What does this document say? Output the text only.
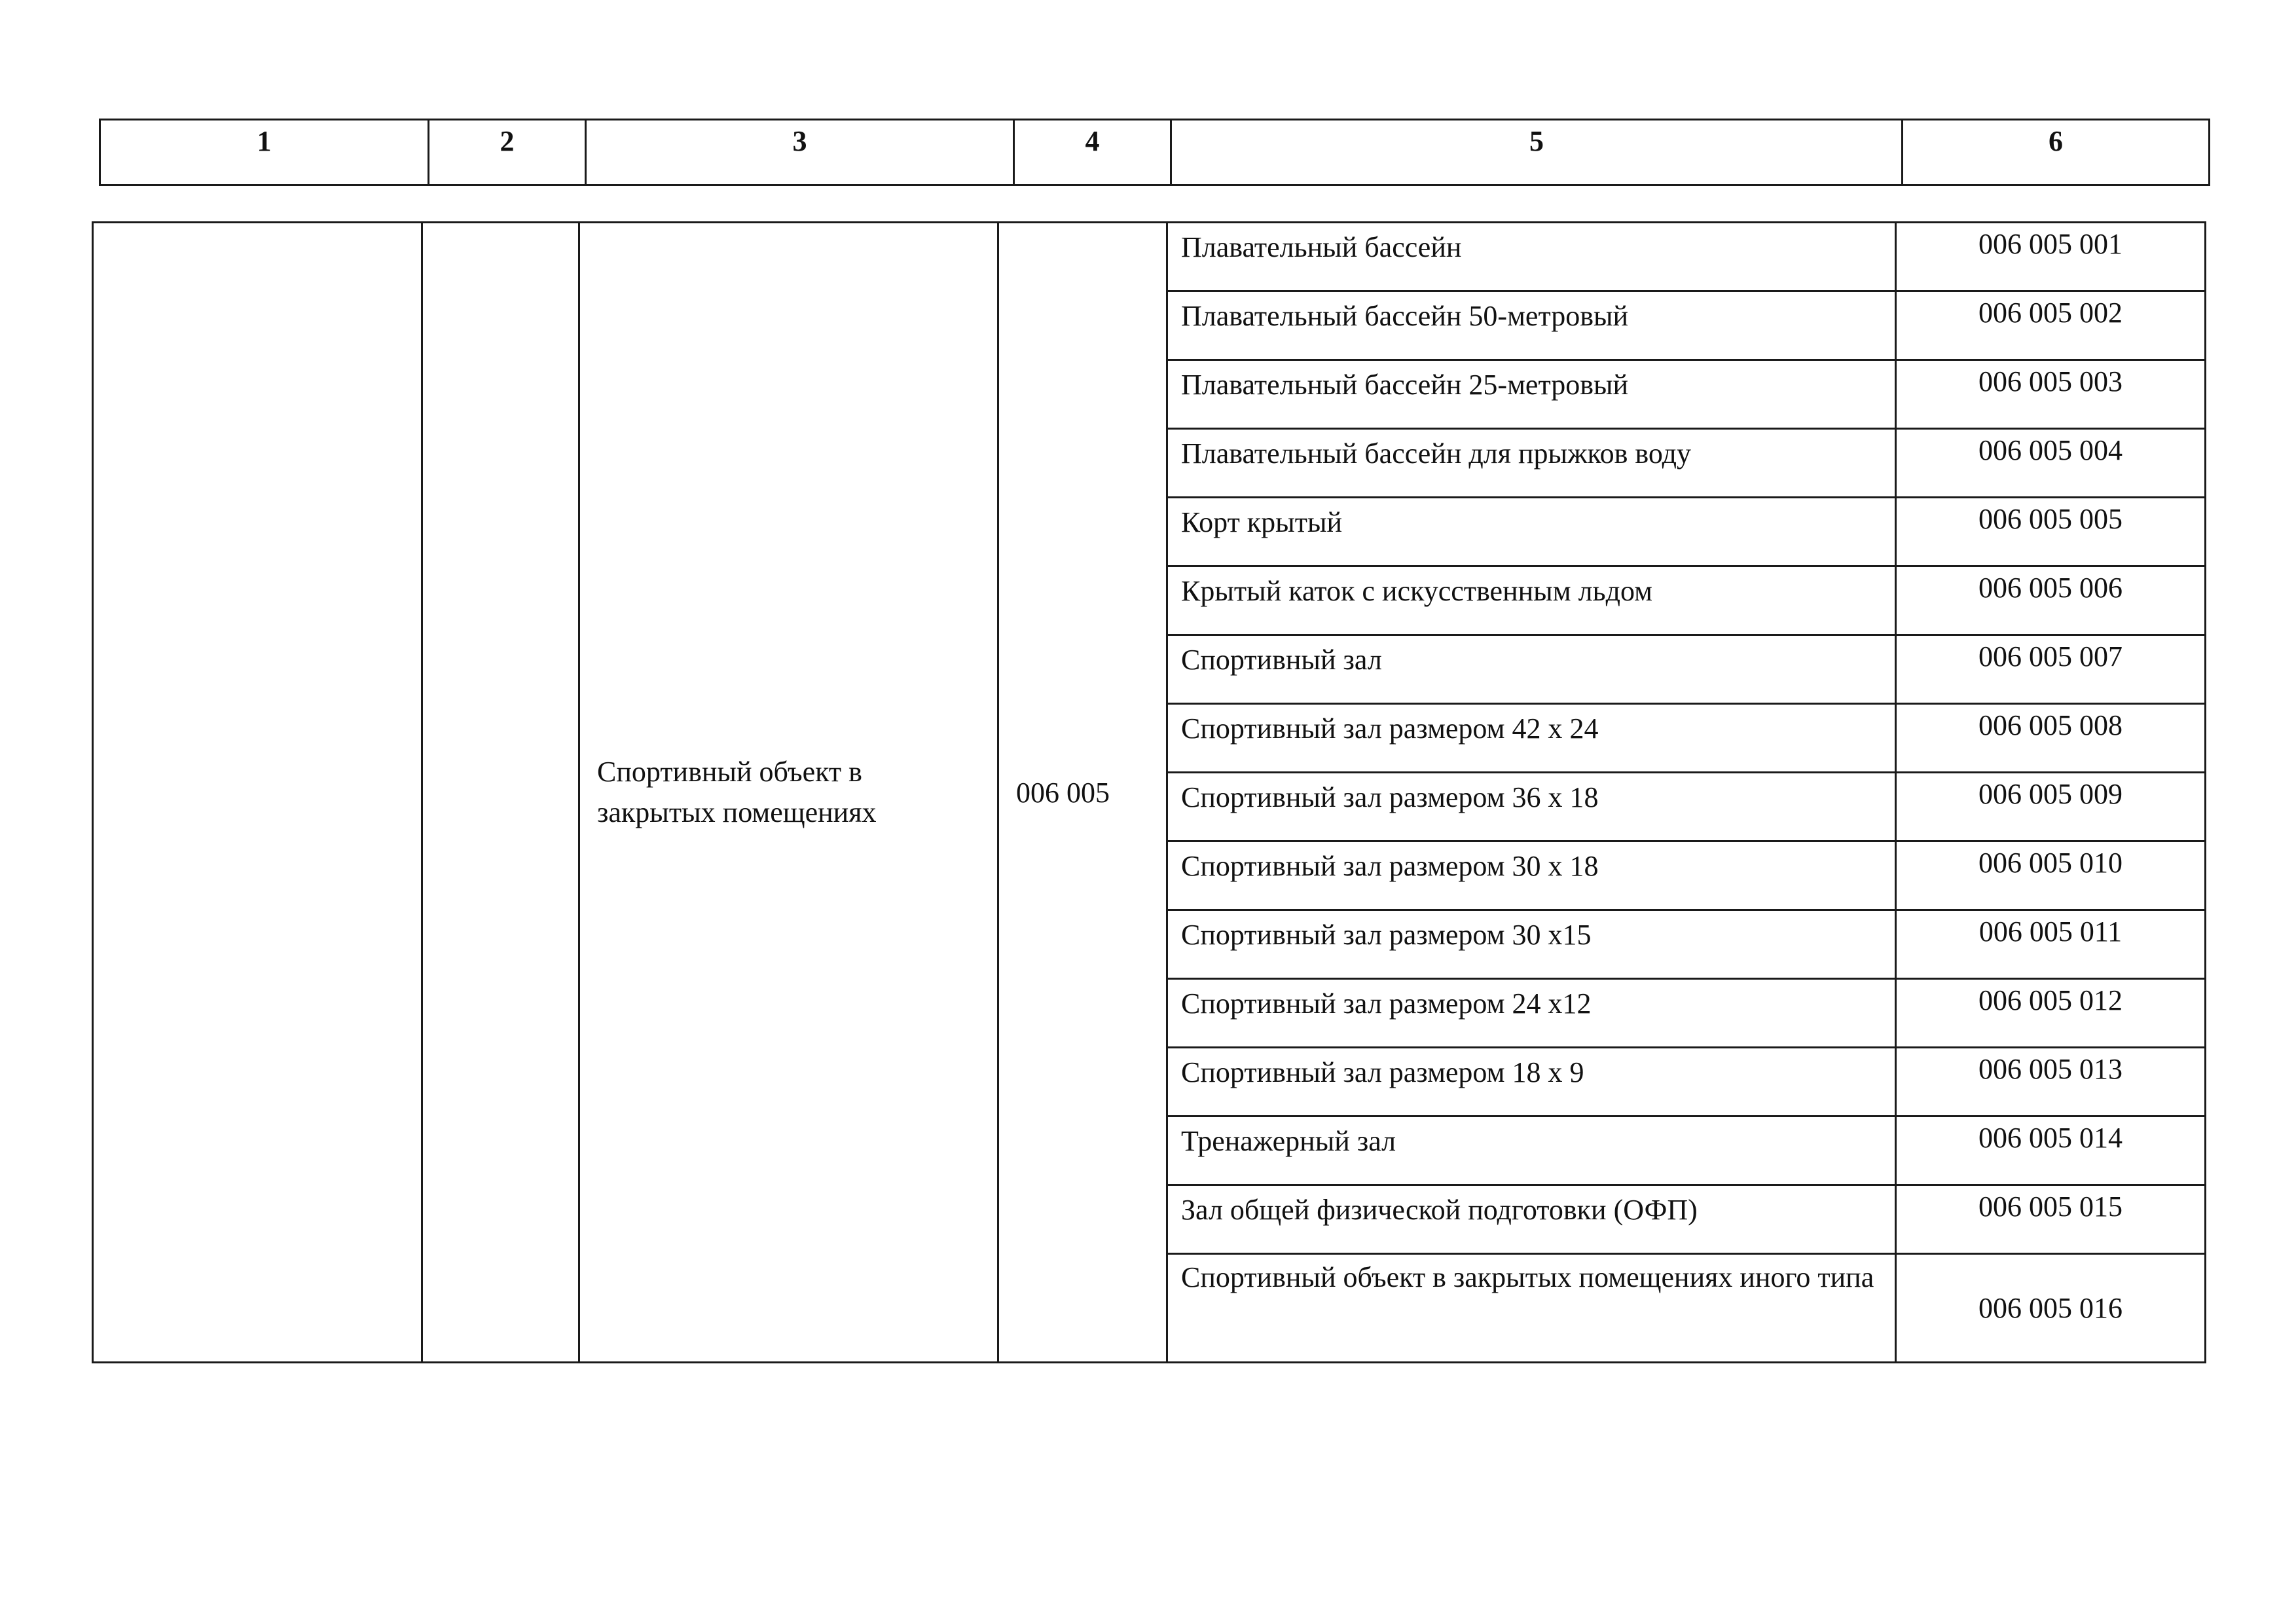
1	2	3	4	5	6
		Спортивный объект в закрытых помещениях	006 005	Плавательный бассейн	006 005 001
				Плавательный бассейн 50-метровый	006 005 002
				Плавательный бассейн 25-метровый	006 005 003
				Плавательный бассейн для прыжков воду	006 005 004
				Корт крытый	006 005 005
				Крытый каток с искусственным льдом	006 005 006
				Спортивный зал	006 005 007
				Спортивный зал размером 42 х 24	006 005 008
				Спортивный зал размером 36 х 18	006 005 009
				Спортивный зал размером 30 х 18	006 005 010
				Спортивный зал размером 30 х15	006 005 011
				Спортивный зал размером 24 х12	006 005 012
				Спортивный зал размером 18 х 9	006 005 013
				Тренажерный зал	006 005 014
				Зал общей физической подготовки (ОФП)	006 005 015
				Спортивный объект в закрытых помещениях иного типа	006 005 016
